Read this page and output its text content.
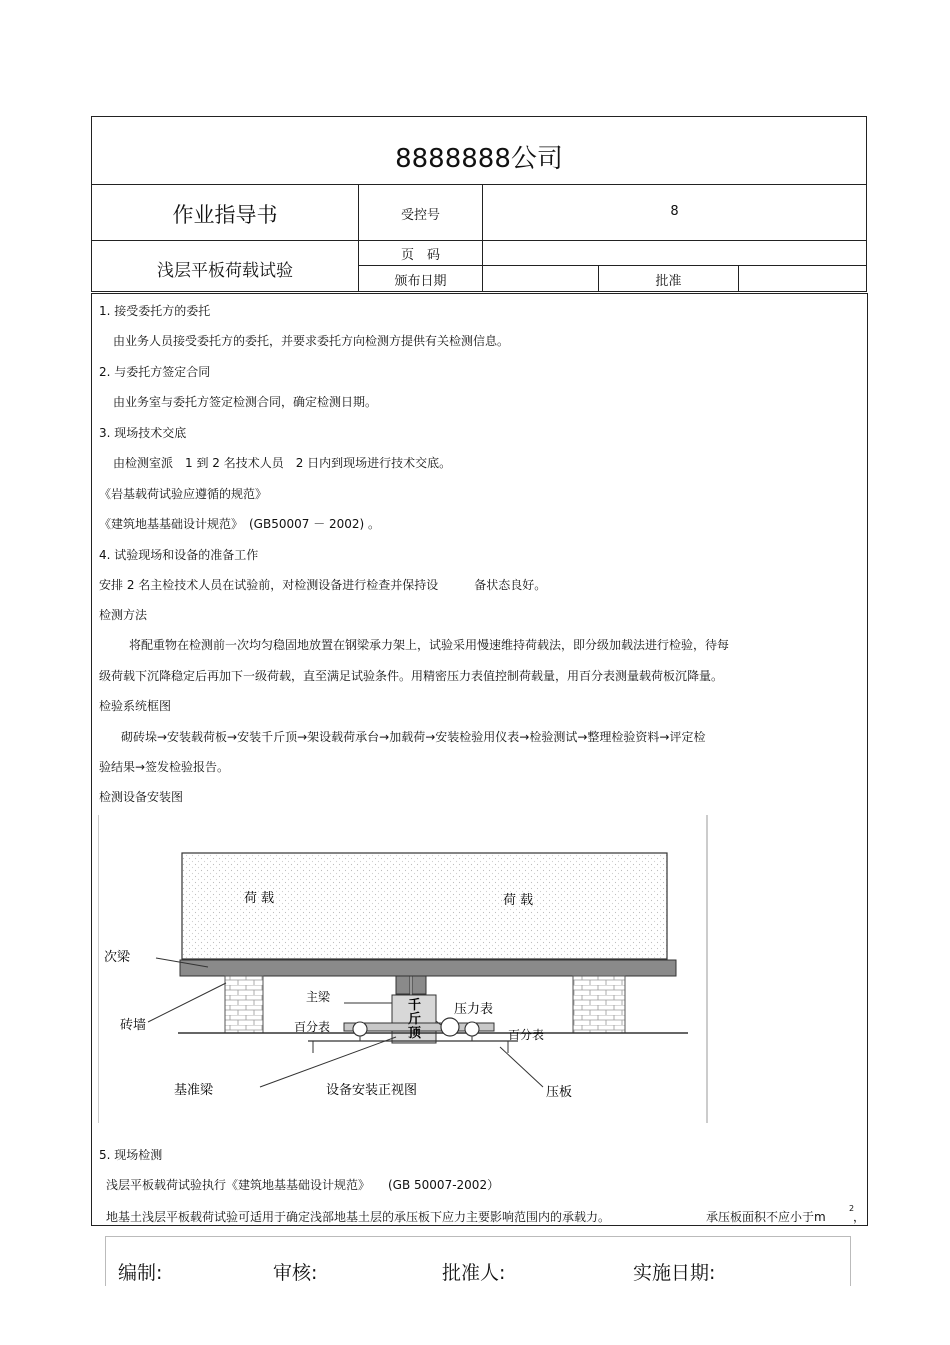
8888888公司
作业指导书	受控号	8
浅层平板荷载试验
页　码
颁布日期	批准
1. 接受委托方的委托
由业务人员接受委托方的委托，并要求委托方向检测方提供有关检测信息。
2. 与委托方签定合同
由业务室与委托方签定检测合同，确定检测日期。
3. 现场技术交底
由检测室派　1 到 2 名技术人员　2 日内到现场进行技术交底。
《岩基载荷试验应遵循的规范》
《建筑地基基础设计规范》　(GB50007 － 2002) 。
4. 试验现场和设备的准备工作
安排 2 名主检技术人员在试验前，对检测设备进行检查并保持设　　　备状态良好。
检测方法
将配重物在检测前一次均匀稳固地放置在钢梁承力架上，试验采用慢速维持荷载法，即分级加载法进行检验，待每
级荷载下沉降稳定后再加下一级荷载，直至满足试验条件。用精密压力表值控制荷载量，用百分表测量载荷板沉降量。
检验系统框图
砌砖垛→安装载荷板→安装千斤顶→架设载荷承台→加载荷→安装检验用仪表→检验测试→整理检验资料→评定检
验结果→签发检验报告。
检测设备安装图
荷 载	荷 载
次梁
主梁
千
斤
顶
压力表
砖墙	百分表
百分表
基准梁	设备安装正视图	压板
5. 现场检测
浅层平板载荷试验执行《建筑地基基础设计规范》　　(GB 50007-2002）
地基土浅层平板载荷试验可适用于确定浅部地基土层的承压板下应力主要影响范围内的承载力。	承压板面积不应小于m
2
，
编制:	审核:	批准人:	实施日期:
